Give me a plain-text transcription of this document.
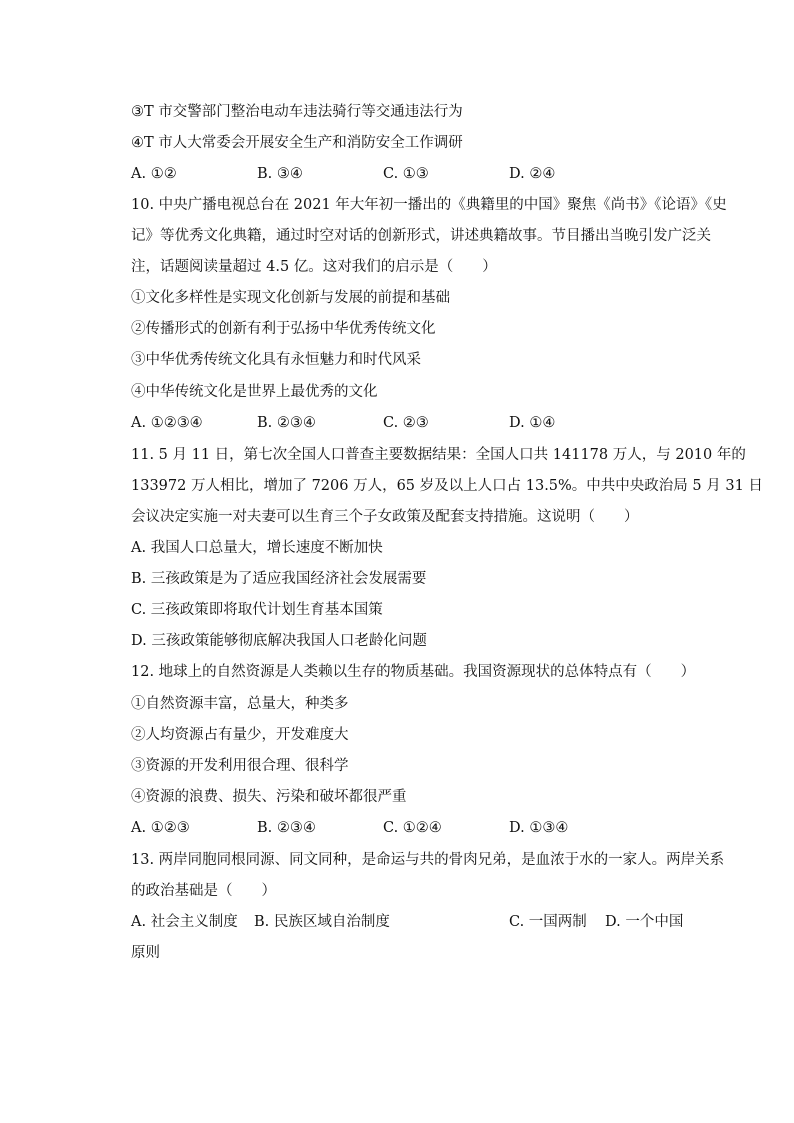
③T 市交警部门整治电动车违法骑行等交通违法行为
④T 市人大常委会开展安全生产和消防安全工作调研
A. ①②	B. ③④	C. ①③	D. ②④
10. 中央广播电视总台在 2021 年大年初一播出的《典籍里的中国》聚焦《尚书》《论语》《史
记》等优秀文化典籍，通过时空对话的创新形式，讲述典籍故事。节目播出当晚引发广泛关
注，话题阅读量超过 4.5 亿。这对我们的启示是（　　）
①文化多样性是实现文化创新与发展的前提和基础
②传播形式的创新有利于弘扬中华优秀传统文化
③中华优秀传统文化具有永恒魅力和时代风采
④中华传统文化是世界上最优秀的文化
A. ①②③④	B. ②③④	C. ②③	D. ①④
11. 5 月 11 日，第七次全国人口普查主要数据结果：全国人口共 141178 万人，与 2010 年的
133972 万人相比，增加了 7206 万人，65 岁及以上人口占 13.5%。中共中央政治局 5 月 31 日
会议决定实施一对夫妻可以生育三个子女政策及配套支持措施。这说明（　　）
A. 我国人口总量大，增长速度不断加快
B. 三孩政策是为了适应我国经济社会发展需要
C. 三孩政策即将取代计划生育基本国策
D. 三孩政策能够彻底解决我国人口老龄化问题
12. 地球上的自然资源是人类赖以生存的物质基础。我国资源现状的总体特点有（　　）
①自然资源丰富，总量大，种类多
②人均资源占有量少，开发难度大
③资源的开发利用很合理、很科学
④资源的浪费、损失、污染和破坏都很严重
A. ①②③	B. ②③④	C. ①②④	D. ①③④
13. 两岸同胞同根同源、同文同种，是命运与共的骨肉兄弟，是血浓于水的一家人。两岸关系
的政治基础是（　　）
A. 社会主义制度 B. 民族区域自治制度	C. 一国两制 D. 一个中国
原则
